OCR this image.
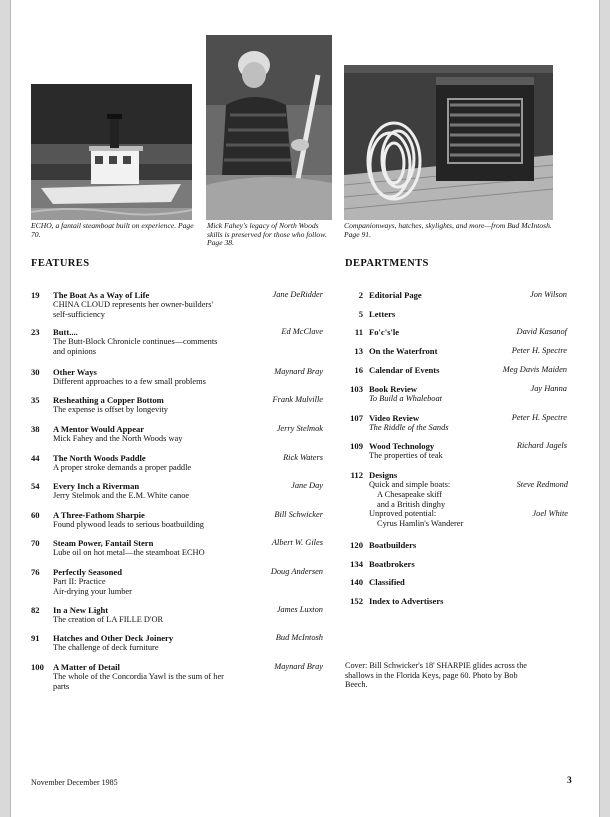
ECHO, a fantail steamboat built on experience. Page 70.
Mick Fahey's legacy of North Woods skills is preserved for those who follow. Page 38.
Companionways, hatches, skylights, and more—from Bud McIntosh. Page 91.
FEATURES	DEPARTMENTS
19	The Boat As a Way of Life	Jane DeRidder
CHINA CLOUD represents her owner-builders' self-sufficiency
23	Butt....	Ed McClave
The Butt-Block Chronicle continues—comments and opinions
30	Other Ways	Maynard Bray
Different approaches to a few small problems
35	Resheathing a Copper Bottom	Frank Mulville
The expense is offset by longevity
38	A Mentor Would Appear	Jerry Stelmok
Mick Fahey and the North Woods way
44	The North Woods Paddle	Rick Waters
A proper stroke demands a proper paddle
54	Every Inch a Riverman	Jane Day
Jerry Stelmok and the E.M. White canoe
60	A Three-Fathom Sharpie	Bill Schwicker
Found plywood leads to serious boatbuilding
70	Steam Power, Fantail Stern	Albert W. Giles
Lube oil on hot metal—the steamboat ECHO
76	Perfectly Seasoned	Doug Andersen
Part II: Practice
Air-drying your lumber
82	In a New Light	James Luxton
The creation of LA FILLE D'OR
91	Hatches and Other Deck Joinery	Bud McIntosh
The challenge of deck furniture
100	A Matter of Detail	Maynard Bray
The whole of the Concordia Yawl is the sum of her parts
2 Editorial Page	Jon Wilson
5 Letters
11 Fo'c's'le	David Kasanof
13 On the Waterfront	Peter H. Spectre
16 Calendar of Events	Meg Davis Maiden
103 Book Review	Jay Hanna
To Build a Whaleboat
107 Video Review	Peter H. Spectre
The Riddle of the Sands
109 Wood Technology	Richard Jagels
The properties of teak
112 Designs
Quick and simple boats:	Steve Redmond
A Chesapeake skiff
and a British dinghy
Unproved potential:	Joel White
Cyrus Hamlin's Wanderer
120 Boatbuilders
134 Boatbrokers
140 Classified
152 Index to Advertisers
Cover: Bill Schwicker's 18' SHARPIE glides across the shallows in the Florida Keys, page 60. Photo by Bob Beech.
November December 1985	3
